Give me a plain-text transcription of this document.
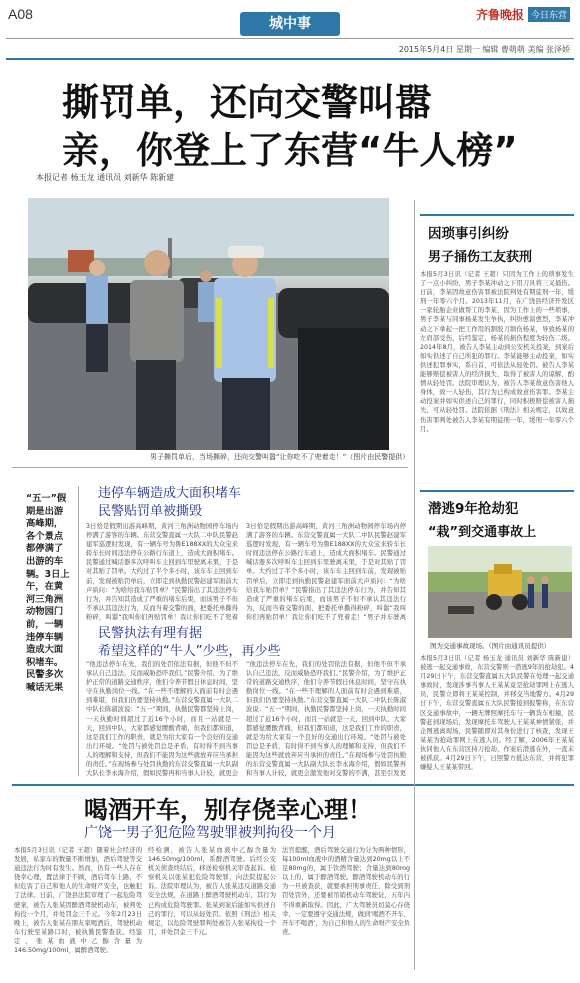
A08
城中事
齐鲁晚报 今日东营
2015年5月4日 星期一 编辑 曹萌萌 美编 张泽娇
撕罚单，还向交警叫嚣
亲，你登上了东营“牛人榜”
本报记者 杨玉龙 通讯员 刘新华 陈新建
男子撕罚单后，当场撕碎，还向交警叫嚣“让你吃不了兜着走！”（图片由民警提供）
“五一”假期是出游高峰期，各个景点都停满了出游的车辆。3日上午，在黄河三角洲动物园门前，一辆违停车辆造成大面积堵车。民警多次喊话无果
违停车辆造成大面积堵车
民警贴罚单被撕毁
3日恰是假期出游高峰期，黄河三角洲动物园停车场内停满了游客的车辆。东营交警直属一大队二中队民警赵建军巡逻时发现，有一辆车号为鲁E188XX的大众宝来轿车长时间违法停在公路行车道上，造成大面积堵车。民警通过喊话器多次呼叫车主回到车里驶离未果，于是对其贴了罚单。大约过了半个多小时，该车车主回到车前，发现被贴罚单后，立即走到执勤民警赵建军面前大声质问：“为啥给我车贴罚单？”民警指出了其违法停车行为，并告知其造成了严重的堵车后果，而该男子不但不承认其违法行为，反而当着交警的面，把委托单撕得粉碎，叫嚣“我叫你们再贴罚单！我让你们吃不了兜着
3日恰是假期出游高峰期，黄河三角洲动物园停车场内停满了游客的车辆。东营交警直属一大队二中队民警赵建军巡逻时发现，有一辆车号为鲁E188XX的大众宝来轿车长时间违法停在公路行车道上，造成大面积堵车。民警通过喊话器多次呼叫车主回到车里驶离未果，于是对其贴了罚单。大约过了半个多小时，该车车主回到车前，发现被贴罚单后，立即走到执勤民警赵建军面前大声质问：“为啥给我车贴罚单？”民警指出了其违法停车行为，并告知其造成了严重的堵车后果，而该男子不但不承认其违法行为，反而当着交警的面，把委托单撕得粉碎，叫嚣“我叫你们再贴罚单！我让你们吃不了兜着走！”男子并车驶离
民警执法有理有据
希望这样的“牛人”少些，再少些
“他违法停车在先，我们的处罚依法有据，但他不但不承认自己违法，反而威胁恐吓我们。”民警介绍，为了维护正常的道路交通秩序，他们令养节假日休息时间，坚守在执勤岗位一线。“在一些不理解的人面前有时会遇到难堪，但我们仍要坚持执勤。”东营交警直属一大队二中队长陈淑波说：“五一”期间，执勤民警都坚持上岗，一天执勤时间超过了近16个小时，而且一站就是一天，回到中队，大家都感觉腰酸背痛，但我们都知道，这是我们工作的职责，就是为给大家有一个良好的交通出行环境。“处罚与被处罚总是矛盾，有时得不到当事人的理解和支持，但我们不能因为这些就放弃应当承担的责任。”在现场参与处罚执勤的东营交警直属一大队副大队长李永海介绍，假如民警再和当事人计较，就更会
“他违法停车在先，我们的处罚依法有据，但他不但不承认自己违法，反而威胁恐吓我们。”民警介绍，为了维护正常的道路交通秩序，他们令养节假日休息时间，坚守在执勤岗位一线。“在一些不理解的人面前有时会遇到难堪，但我们仍要坚持执勤。”东营交警直属一大队二中队长陈淑波说：“五一”期间，执勤民警都坚持上岗，一天执勤时间超过了近16个小时，而且一站就是一天，回到中队，大家都感觉腰酸背痛，但我们都知道，这是我们工作的职责，就是为给大家有一个良好的交通出行环境。“处罚与被处罚总是矛盾，有时得不到当事人的理解和支持，但我们不能因为这些就放弃应当承担的责任。”在现场参与处罚执勤的东营交警直属一大队副大队长李永海介绍，假如民警再和当事人计较，就更会激发他对交警的不满，甚至引发更
喝酒开车，别存侥幸心理！
广饶一男子犯危险驾驶罪被判拘役一个月
本报5月3日讯（记者 王超）随着社会经济的发展，私家车的数量不断增加，酒后驾驶等交通违法行为时有发生。然而，仍有一些人存在侥幸心理，置法律于不顾，酒后驾车上路，不但危害了自己和他人的生命财产安全，也触犯了法律。日前，广饶县法院审理了一起危险驾驶案，被告人张某因醉酒驾驶机动车，被判处拘役一个月，并处罚金三千元。今年2月23日晚上，被告人张某在朋友家喝酒后，驾驶机动车行驶至某路口时，被执勤民警查获。经鉴定，张某血液中乙醇含量为146.50mg/100ml，属醉酒驾驶。
经检测，被告人张某血液中乙醇含量为146.50mg/100ml，系醉酒驾驶。后经公安机关侦查终结后，移送检察机关审查起诉。检察机关以张某犯危险驾驶罪，向法院提起公诉。法院审理认为，被告人张某违反道路交通安全法规，在道路上醉酒驾驶机动车，其行为已构成危险驾驶罪。张某到案后能如实供述自己的罪行，可以从轻处罚。依照《刑法》相关规定，以危险驾驶罪判处被告人张某拘役一个月，并处罚金三千元。
法官提醒，酒后驾驶交通行为分为两种情形，每100ml血液中的酒精含量达到20mg以上不足80mg的，属于饮酒驾驶；含量达到80mg以上的，属于醉酒驾驶。醉酒驾驶机动车的行为一旦被查获，就要承担刑事责任，除受到刑罚处罚外，还要被吊销机动车驾驶证，五年内不得重新取得。因此，广大驾驶员切莫心存侥幸，一定要遵守交通法规，做到‘喝酒不开车，开车不喝酒’，为自己和他人的生命财产安全负责。
因琐事引纠纷
男子捅伤工友获刑
本报5月3日讯（记者 王超）只因为工作上的琐事发生了一点小纠纷，男子李某冲动之下用刀具将三叉捅伤。日前，李某因故意伤害罪被法院判处有期徒刑一年，缓刑一年零六个月。2013年11月，在广饶县经济开发区一家轮胎企业做帮工的李某，因为工作上的一些琐事，男子李某与同事杨某发生争执，纠纷愈演愈烈，李某冲动之下拿起一把工作用的割胶刀割伤杨某，导致杨某的左肩部受伤，后经鉴定，杨某的损伤程度为轻伤二级。2014年8月，被告人李某主动到公安机关投案，到案后如实供述了自己所犯的罪行。李某能够主动投案，如实供述犯罪事实，系自首，可依法从轻处罚。被告人李某能够赔偿被害人的经济损失，取得了被害人的谅解，酌情从轻处罚。法院审理认为，被告人李某故意伤害他人身体，致一人轻伤，其行为已构成故意伤害罪。李某主动投案并如实供述自己的罪行，同时积极赔偿被害人损失，可从轻处罚。法院依据《刑法》相关规定，以故意伤害罪判处被告人李某有期徒刑一年，缓刑一年零六个月。
潜逃9年抢劫犯
“栽”到交通事故上
图为交通事故现场。（图片由通讯员提供）
本报5月3日讯（记者 杨玉龙 通讯员 刘新华 陈新建）被逃一起交通事故，东营交警则一潜逃9年的抢劫犯。4月29日下午，东营交警直属五大队民警在处理一起交通事故时，发现涉事当事人王某某竟是抢劫罪网上在逃人员，民警立即将王某某控制，并移交当地警方。4月29日下午，东营交警直属五大队民警接到报警称，在东营区交通事故中，一辆无牌照摩托车与一辆货车相撞，民警赶到现场后，发现摩托车驾驶人王某某神情紧张，并企图逃离现场，民警随即对其身份进行了核查，发现王某某为抢劫罪网上在逃人员。经了解，2006年王某某伙同他人在东营区持刀抢劫，作案后潜逃在外，一直未被抓获。4月29日下午，日照警方抵达东营，并将犯罪嫌疑人王某某带回。
